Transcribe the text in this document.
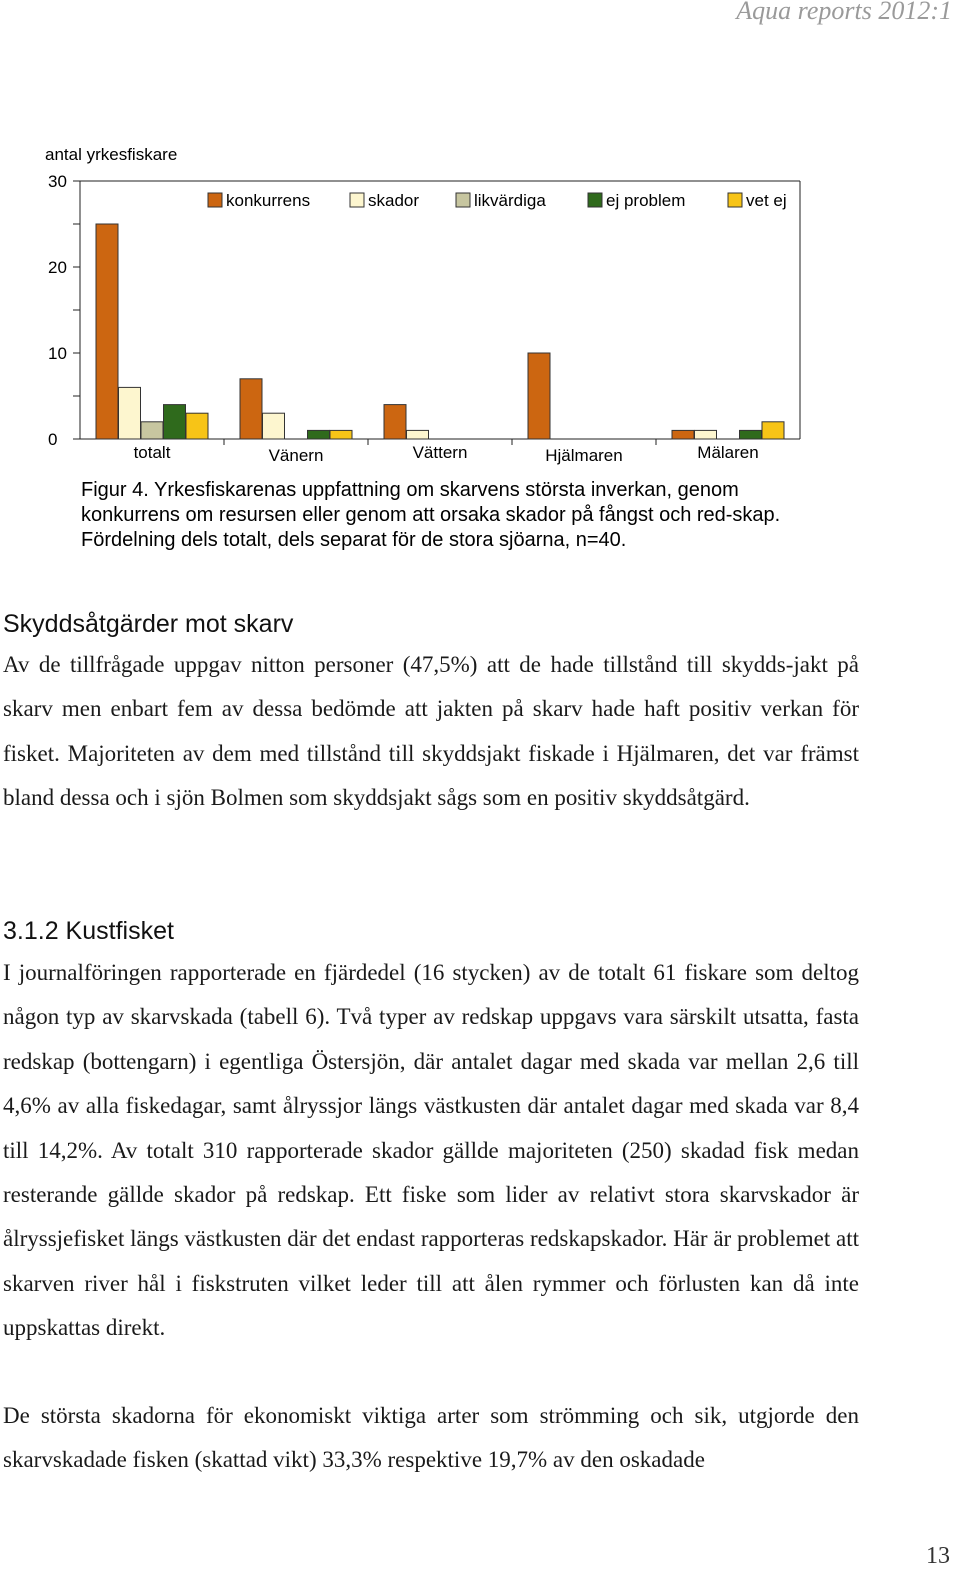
Aqua reports 2012:1
antal yrkesfiskare
0
10
20
30
totalt	Vänern	Vättern	Hjälmaren	Mälaren
konkurrens	skador	likvärdiga	ej problem	vet ej
Figur 4. Yrkesfiskarenas uppfattning om skarvens största inverkan, genom konkurrens om resursen eller genom att orsaka skador på fångst och red-skap. Fördelning dels totalt, dels separat för de stora sjöarna, n=40.
Skyddsåtgärder mot skarv

Av de tillfrågade uppgav nitton personer (47,5%) att de hade tillstånd till skydds-jakt på skarv men enbart fem av dessa bedömde att jakten på skarv hade haft positiv verkan för fisket. Majoriteten av dem med tillstånd till skyddsjakt fiskade i Hjälmaren, det var främst bland dessa och i sjön Bolmen som skyddsjakt sågs som en positiv skyddsåtgärd.

3.1.2 Kustfisket

I journalföringen rapporterade en fjärdedel (16 stycken) av de totalt 61 fiskare som deltog någon typ av skarvskada (tabell 6). Två typer av redskap uppgavs vara särskilt utsatta, fasta redskap (bottengarn) i egentliga Östersjön, där antalet dagar med skada var mellan 2,6 till 4,6% av alla fiskedagar, samt ålryssjor längs västkusten där antalet dagar med skada var 8,4 till 14,2%. Av totalt 310 rapporterade skador gällde majoriteten (250) skadad fisk medan resterande gällde skador på redskap. Ett fiske som lider av relativt stora skarvskador är ålryssjefisket längs västkusten där det endast rapporteras redskapskador. Här är problemet att skarven river hål i fiskstruten vilket leder till att ålen rymmer och förlusten kan då inte uppskattas direkt.

De största skadorna för ekonomiskt viktiga arter som strömming och sik, utgjorde den skarvskadade fisken (skattad vikt) 33,3% respektive 19,7% av den oskadade

13
